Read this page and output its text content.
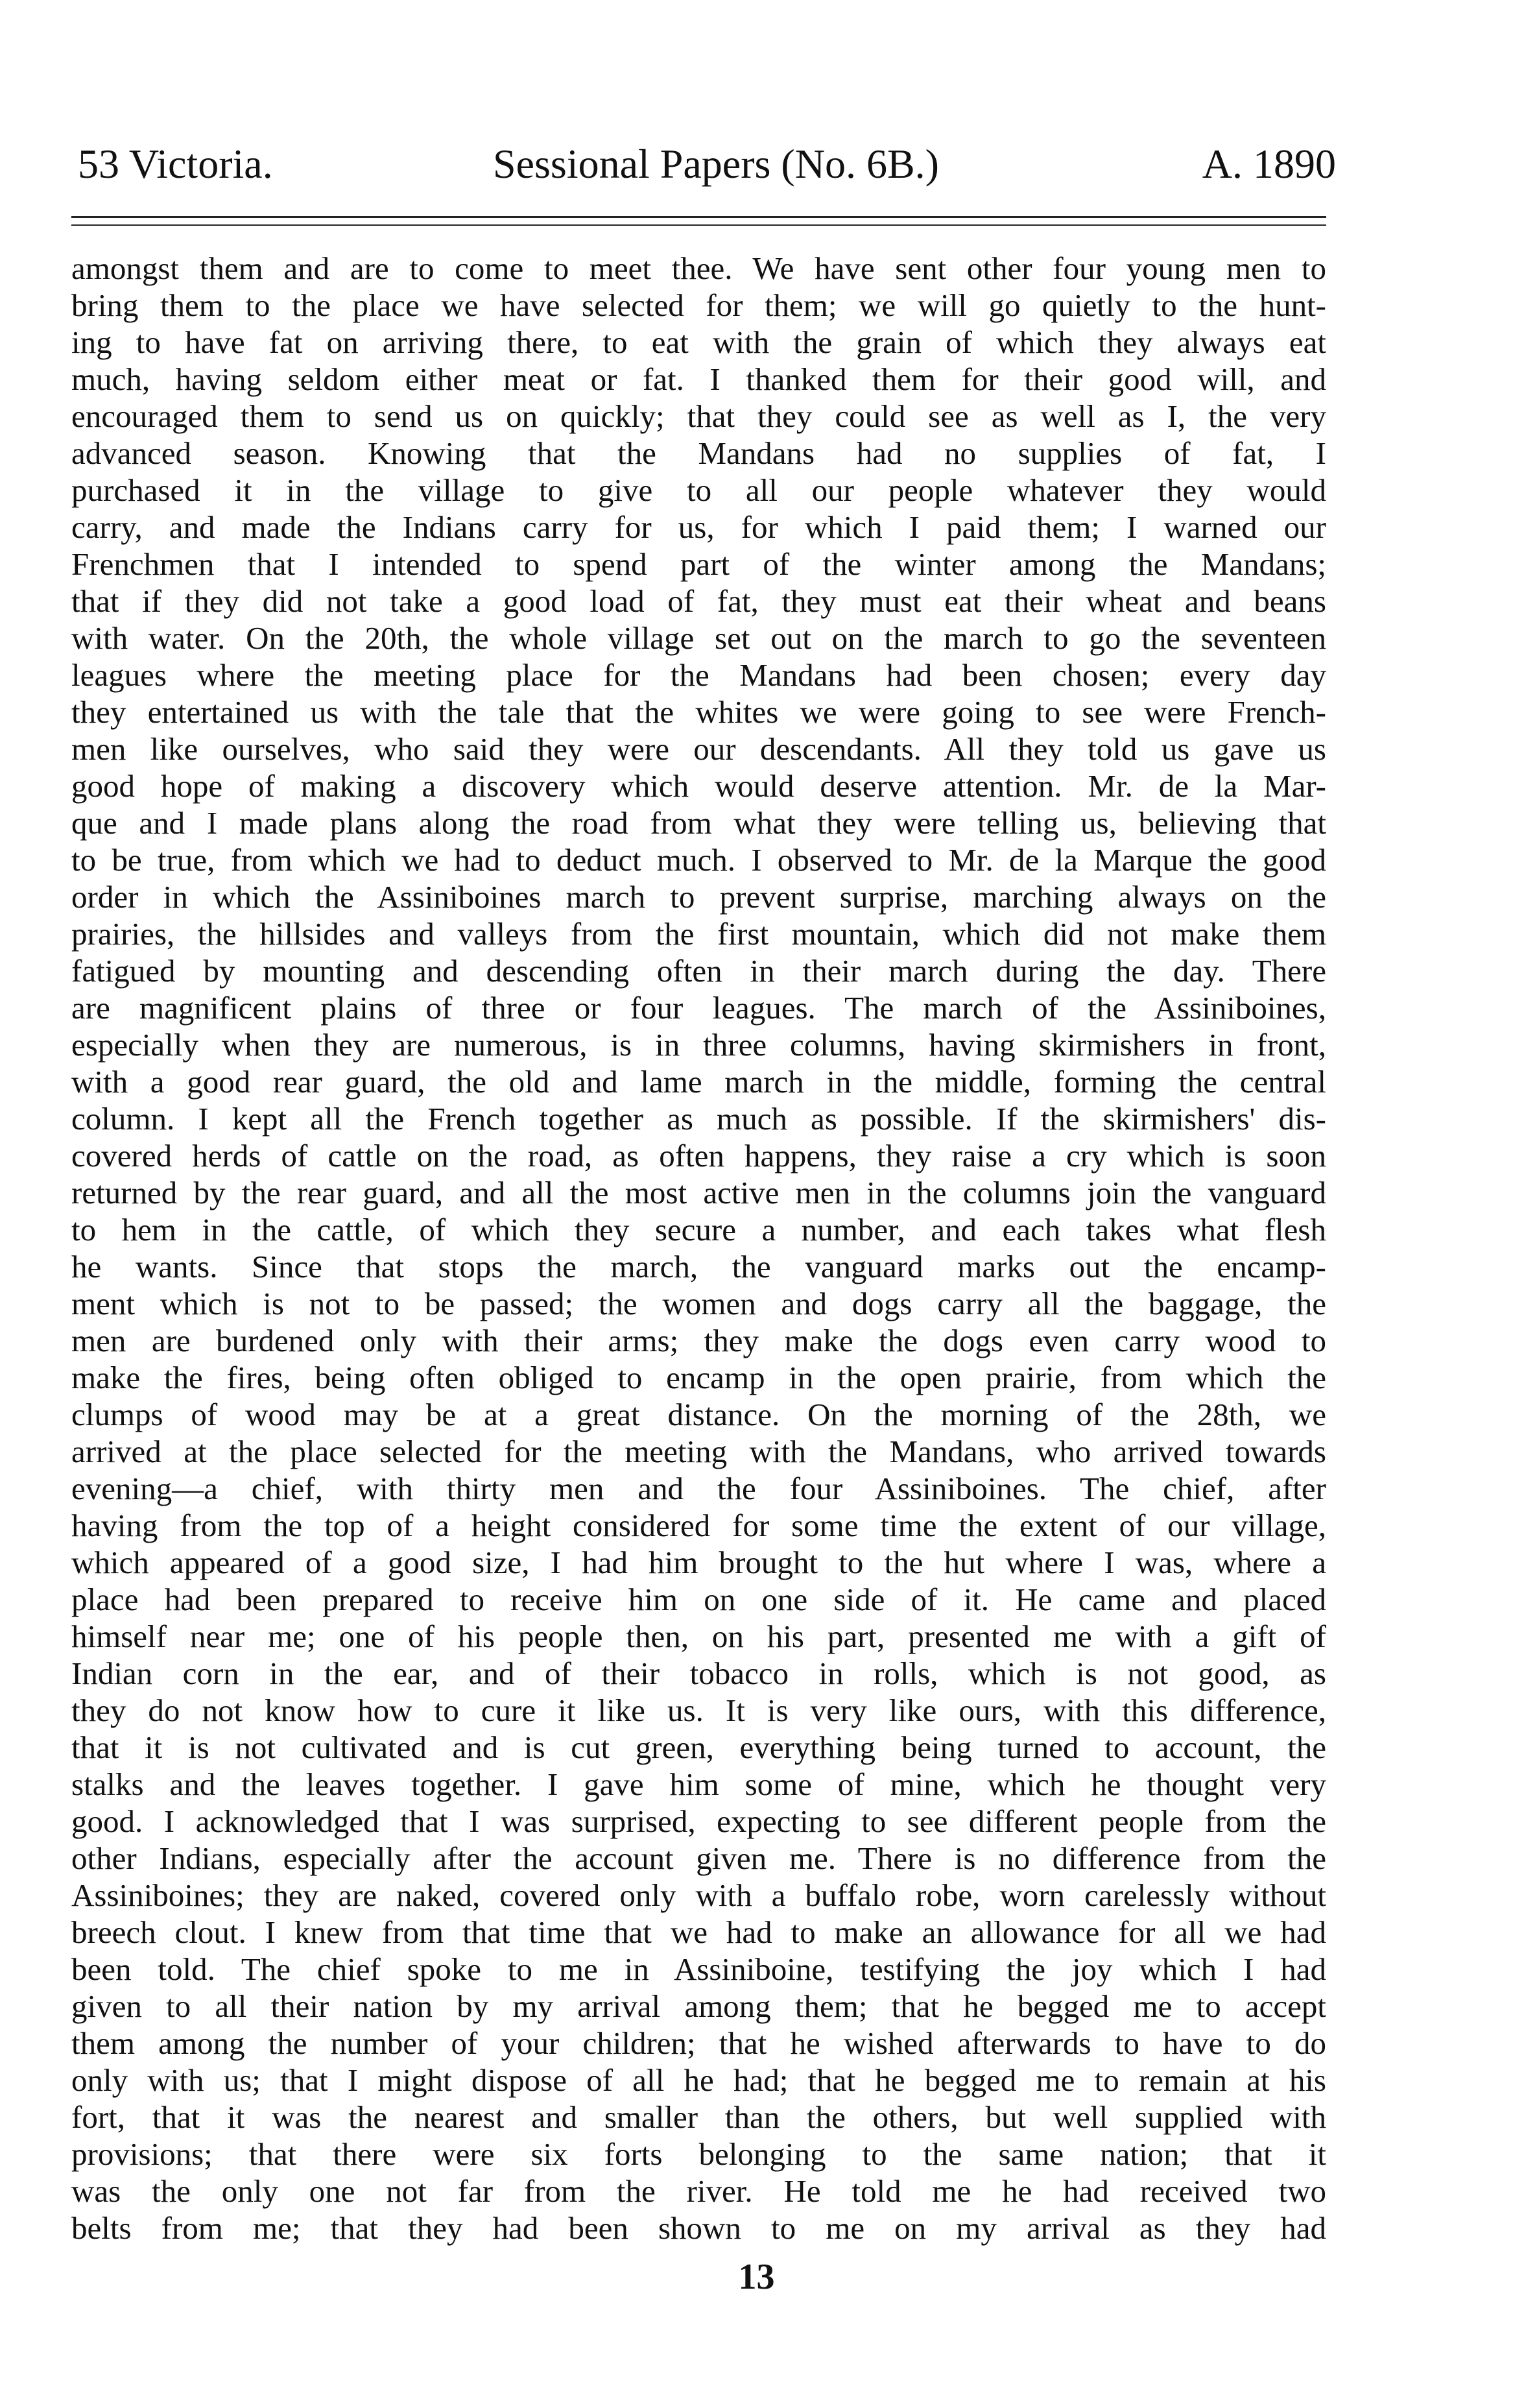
53 Victoria.	Sessional Papers (No. 6B.)	A. 1890
amongst them and are to come to meet thee. We have sent other four young men to
bring them to the place we have selected for them; we will go quietly to the hunt-
ing to have fat on arriving there, to eat with the grain of which they always eat
much, having seldom either meat or fat. I thanked them for their good will, and
encouraged them to send us on quickly; that they could see as well as I, the very
advanced season. Knowing that the Mandans had no supplies of fat, I
purchased it in the village to give to all our people whatever they would
carry, and made the Indians carry for us, for which I paid them; I warned our
Frenchmen that I intended to spend part of the winter among the Mandans;
that if they did not take a good load of fat, they must eat their wheat and beans
with water. On the 20th, the whole village set out on the march to go the seventeen
leagues where the meeting place for the Mandans had been chosen; every day
they entertained us with the tale that the whites we were going to see were French-
men like ourselves, who said they were our descendants. All they told us gave us
good hope of making a discovery which would deserve attention. Mr. de la Mar-
que and I made plans along the road from what they were telling us, believing that
to be true, from which we had to deduct much. I observed to Mr. de la Marque the good
order in which the Assiniboines march to prevent surprise, marching always on the
prairies, the hillsides and valleys from the first mountain, which did not make them
fatigued by mounting and descending often in their march during the day. There
are magnificent plains of three or four leagues. The march of the Assiniboines,
especially when they are numerous, is in three columns, having skirmishers in front,
with a good rear guard, the old and lame march in the middle, forming the central
column. I kept all the French together as much as possible. If the skirmishers' dis-
covered herds of cattle on the road, as often happens, they raise a cry which is soon
returned by the rear guard, and all the most active men in the columns join the vanguard
to hem in the cattle, of which they secure a number, and each takes what flesh
he wants. Since that stops the march, the vanguard marks out the encamp-
ment which is not to be passed; the women and dogs carry all the baggage, the
men are burdened only with their arms; they make the dogs even carry wood to
make the fires, being often obliged to encamp in the open prairie, from which the
clumps of wood may be at a great distance. On the morning of the 28th, we
arrived at the place selected for the meeting with the Mandans, who arrived towards
evening—a chief, with thirty men and the four Assiniboines. The chief, after
having from the top of a height considered for some time the extent of our village,
which appeared of a good size, I had him brought to the hut where I was, where a
place had been prepared to receive him on one side of it. He came and placed
himself near me; one of his people then, on his part, presented me with a gift of
Indian corn in the ear, and of their tobacco in rolls, which is not good, as
they do not know how to cure it like us. It is very like ours, with this difference,
that it is not cultivated and is cut green, everything being turned to account, the
stalks and the leaves together. I gave him some of mine, which he thought very
good. I acknowledged that I was surprised, expecting to see different people from the
other Indians, especially after the account given me. There is no difference from the
Assiniboines; they are naked, covered only with a buffalo robe, worn carelessly without
breech clout. I knew from that time that we had to make an allowance for all we had
been told. The chief spoke to me in Assiniboine, testifying the joy which I had
given to all their nation by my arrival among them; that he begged me to accept
them among the number of your children; that he wished afterwards to have to do
only with us; that I might dispose of all he had; that he begged me to remain at his
fort, that it was the nearest and smaller than the others, but well supplied with
provisions; that there were six forts belonging to the same nation; that it
was the only one not far from the river. He told me he had received two
belts from me; that they had been shown to me on my arrival as they had
13
